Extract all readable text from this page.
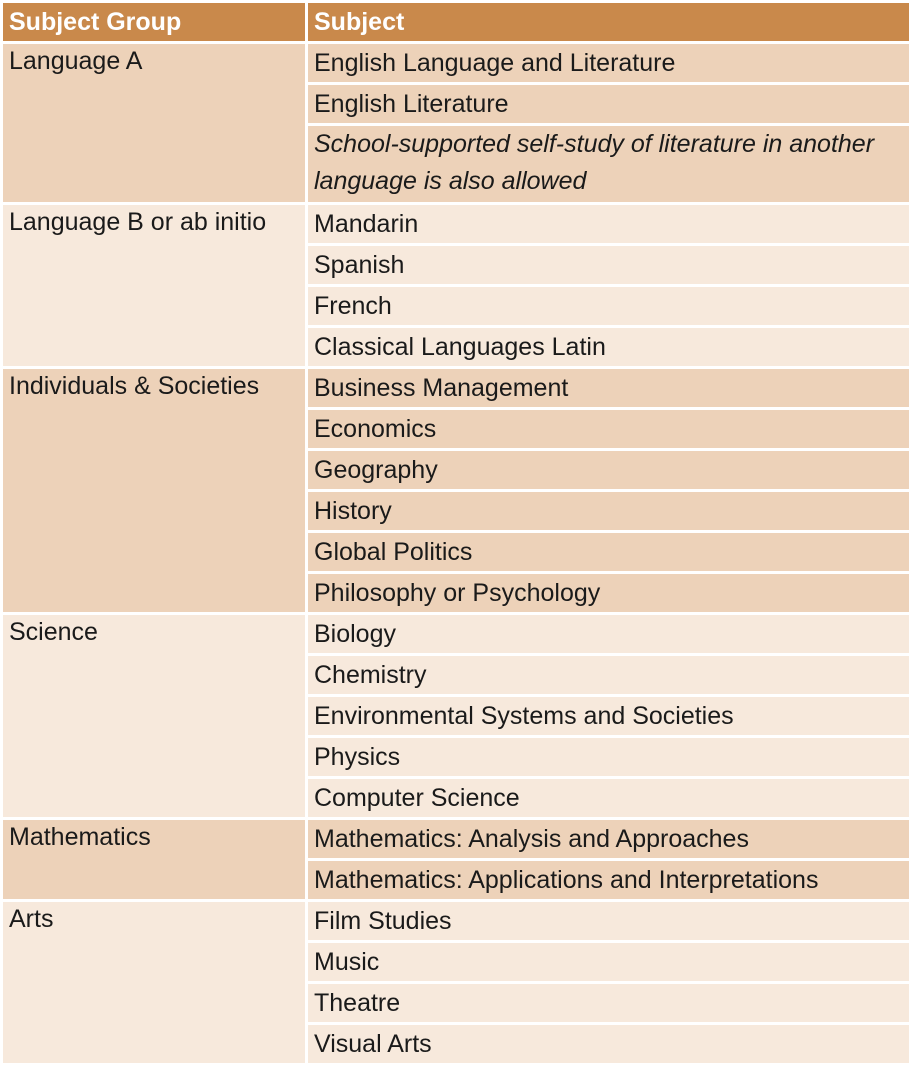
Subject Group	Subject
Language A	English Language and Literature
	English Literature
	School-supported self-study of literature in another language is also allowed
Language B or ab initio	Mandarin
	Spanish
	French
	Classical Languages Latin
Individuals & Societies	Business Management
	Economics
	Geography
	History
	Global Politics
	Philosophy or Psychology
Science	Biology
	Chemistry
	Environmental Systems and Societies
	Physics
	Computer Science
Mathematics	Mathematics: Analysis and Approaches
	Mathematics: Applications and Interpretations
Arts	Film Studies
	Music
	Theatre
	Visual Arts
